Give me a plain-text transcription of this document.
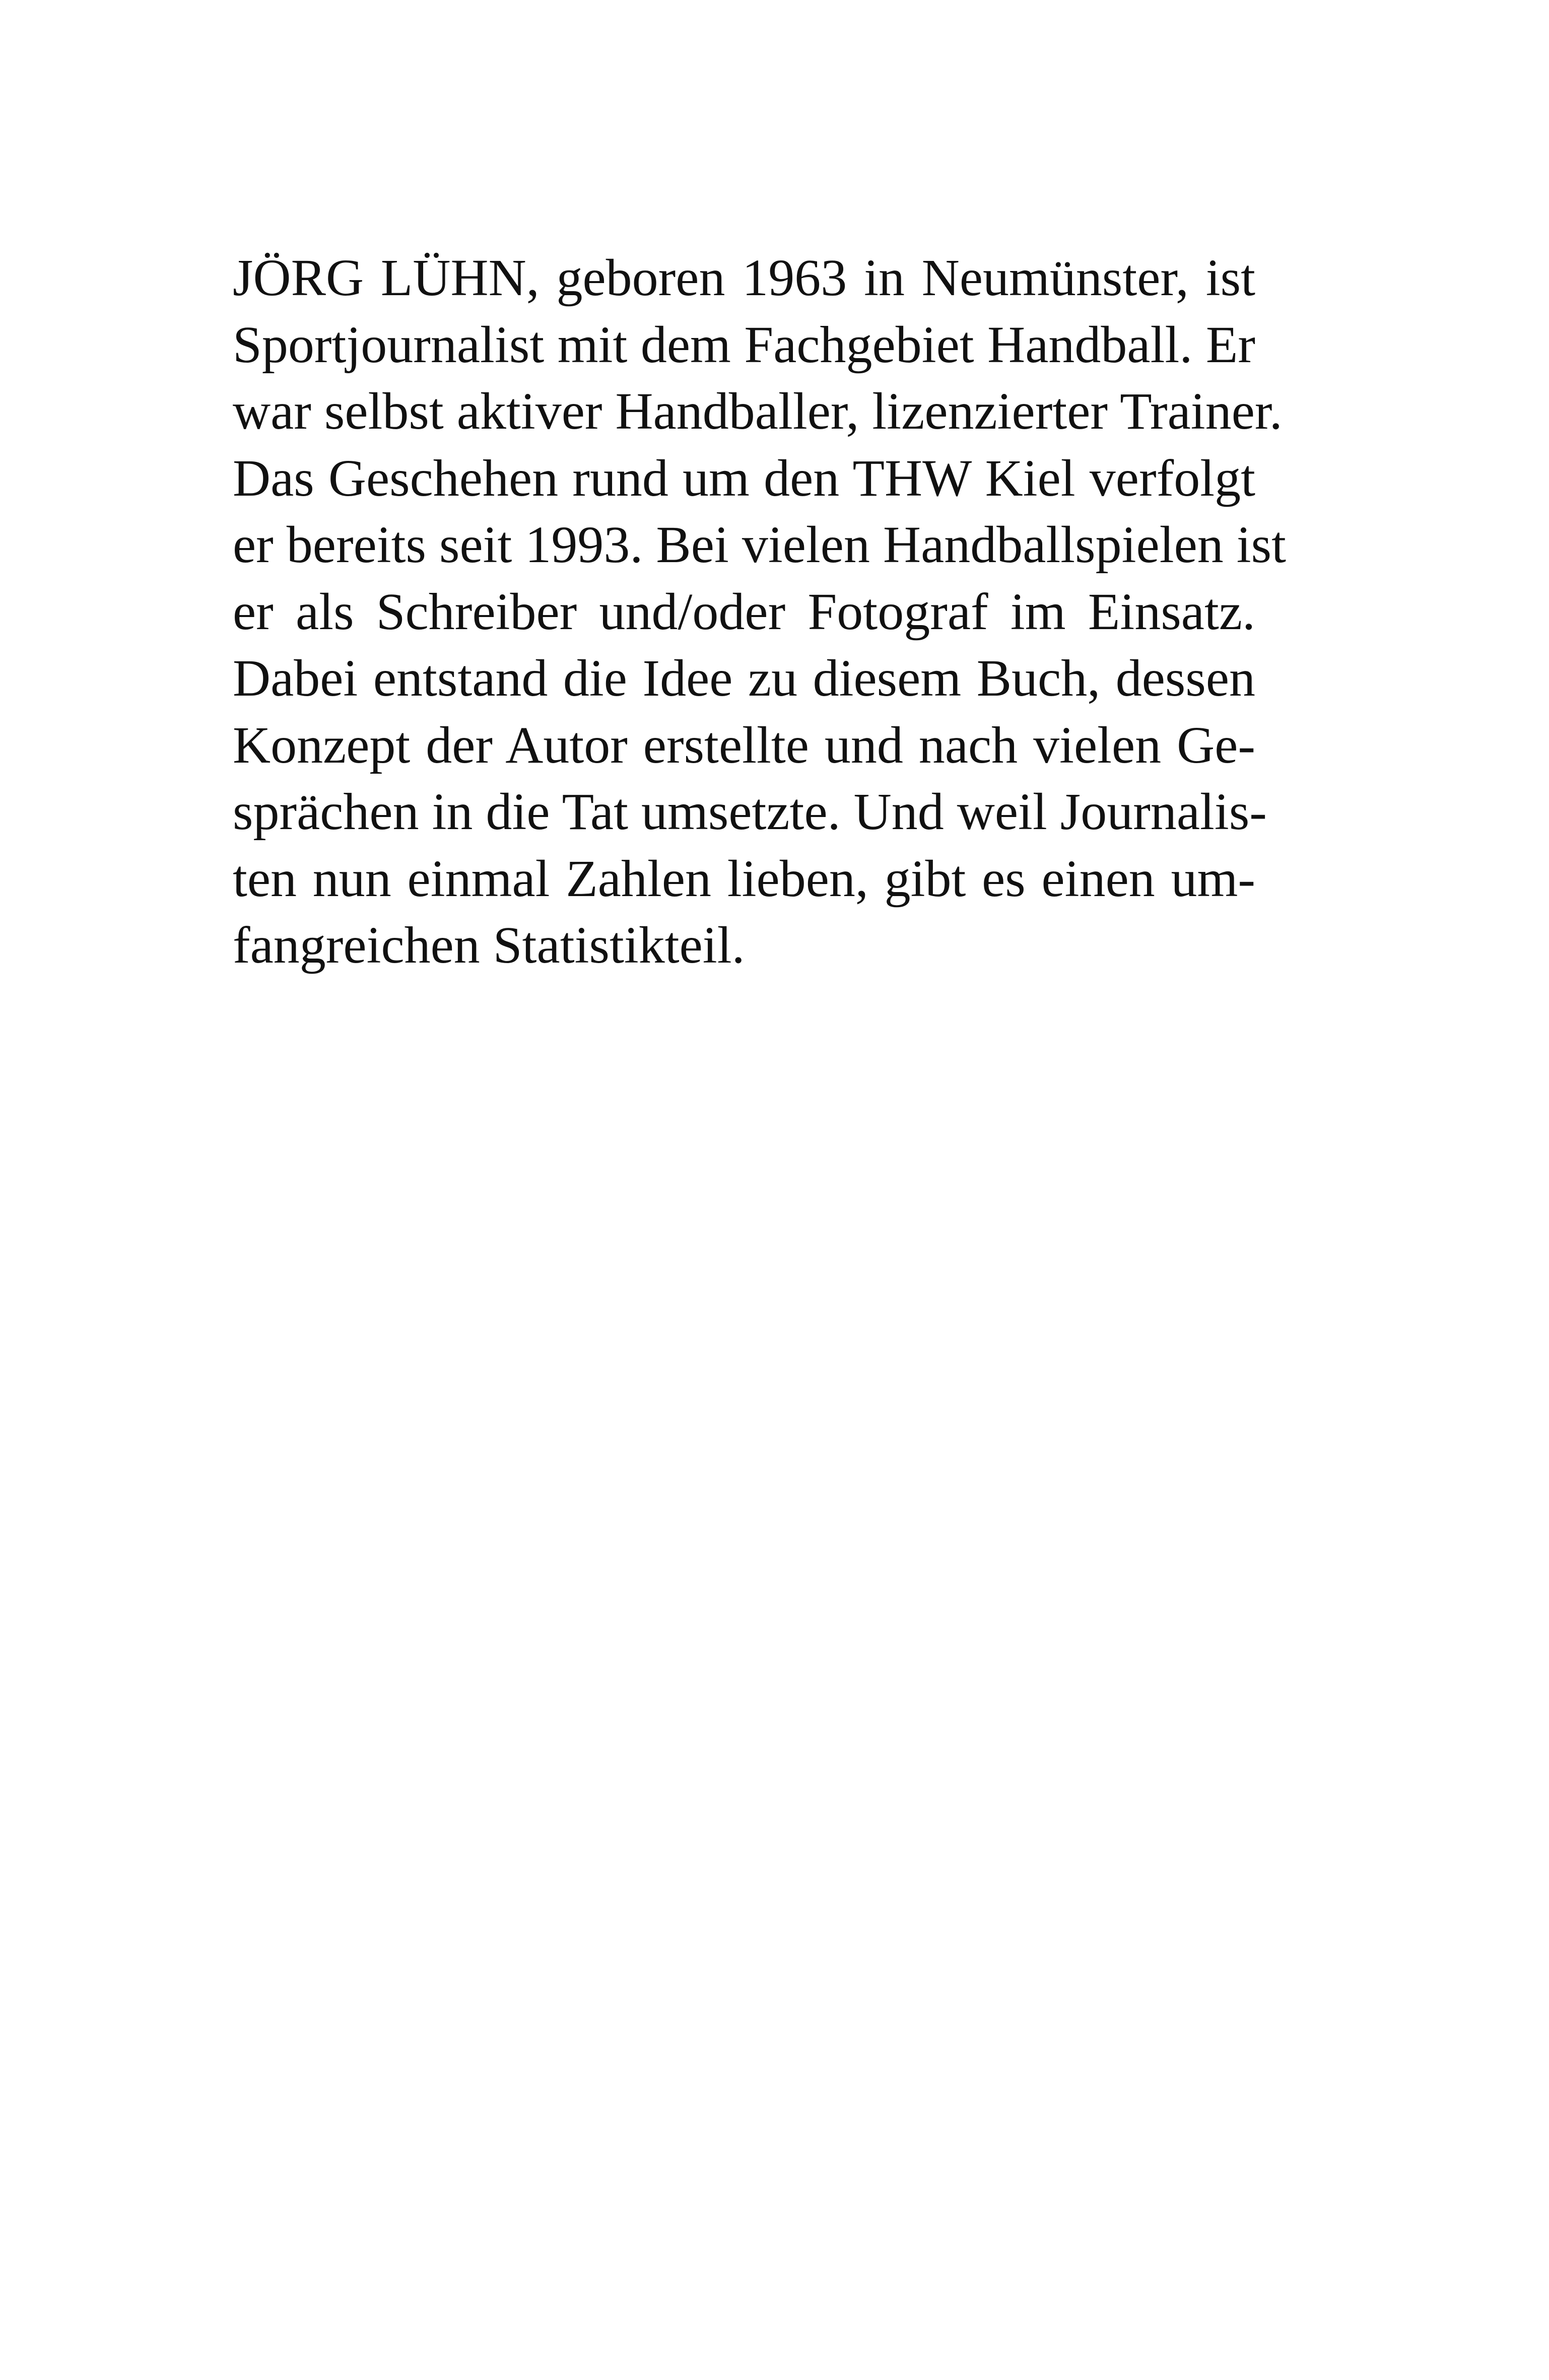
JÖRG LÜHN, geboren 1963 in Neumünster, ist
Sportjournalist mit dem Fachgebiet Handball. Er
war selbst aktiver Handballer, lizenzierter Trainer.
Das Geschehen rund um den THW Kiel verfolgt
er bereits seit 1993. Bei vielen Handballspielen ist
er als Schreiber und/oder Fotograf im Einsatz.
Dabei entstand die Idee zu diesem Buch, dessen
Konzept der Autor erstellte und nach vielen Ge-
sprächen in die Tat umsetzte. Und weil Journalis-
ten nun einmal Zahlen lieben, gibt es einen um-
fangreichen Statistikteil.
